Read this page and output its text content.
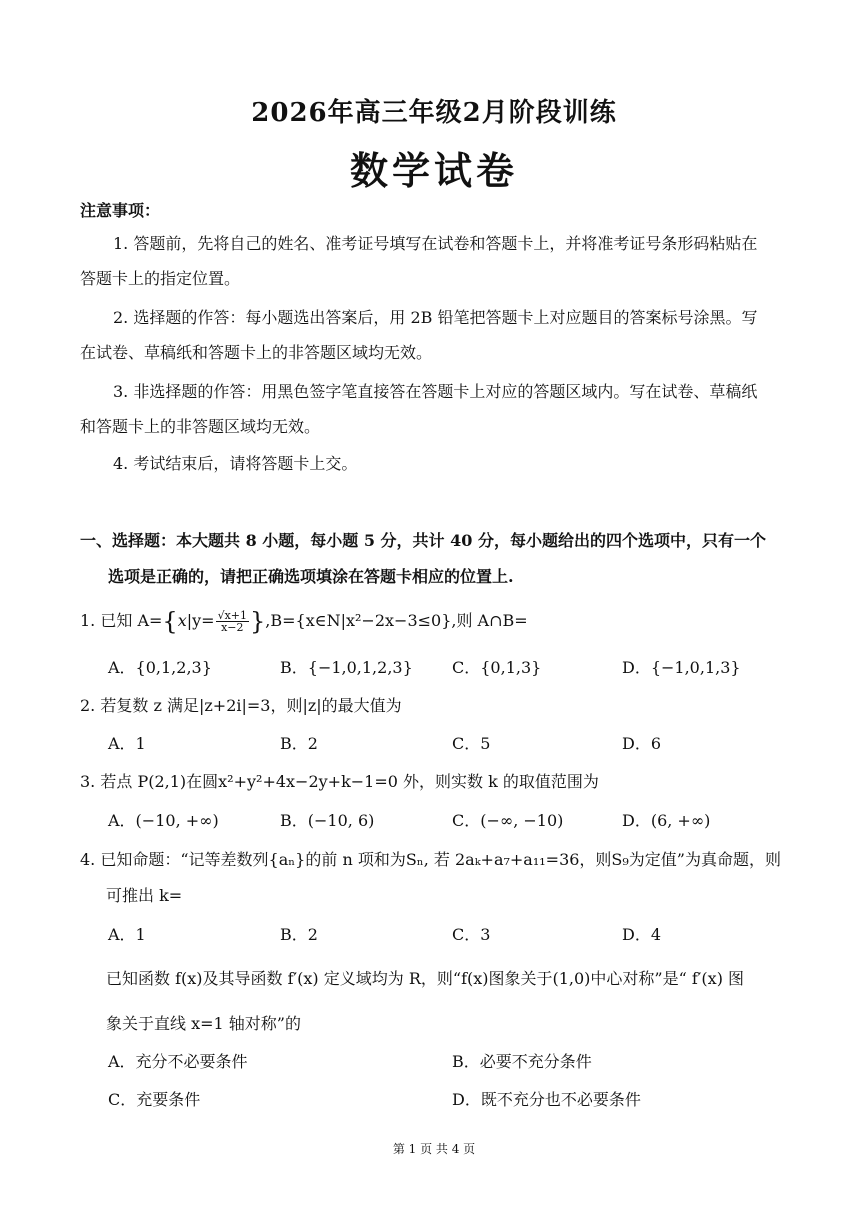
2026年高三年级2月阶段训练
数学试卷
注意事项：
1. 答题前，先将自己的姓名、准考证号填写在试卷和答题卡上，并将准考证号条形码粘贴在
答题卡上的指定位置。
2. 选择题的作答：每小题选出答案后，用 2B 铅笔把答题卡上对应题目的答案标号涂黑。写
在试卷、草稿纸和答题卡上的非答题区域均无效。
3. 非选择题的作答：用黑色签字笔直接答在答题卡上对应的答题区域内。写在试卷、草稿纸
和答题卡上的非答题区域均无效。
4. 考试结束后，请将答题卡上交。
一、选择题：本大题共 8 小题，每小题 5 分，共计 40 分，每小题给出的四个选项中，只有一个
选项是正确的，请把正确选项填涂在答题卡相应的位置上.
1. 已知 $A=\{x|y= \frac{√x+1}{x-2}$ },B={x∈N|x²−2x−3≤0},则 A∩B=
A．{0,1,2,3}	B．{−1,0,1,2,3} C．{0,1,3}	D．{−1,0,1,3}
2. 若复数 z 满足|z+2i|=3，则|z|的最大值为
A．1	B．2	C．5	D．6
3. 若点 P(2,1)在圆x²+y²+4x−2y+k−1=0 外，则实数 k 的取值范围为
A．(−10, +∞)	B．(−10, 6)	C．(−∞, −10)	D．(6, +∞)
4. 已知命题：“记等差数列{aₙ}的前 n 项和为Sₙ, 若 2aₖ+a₇+a₁₁=36，则S₉为定值”为真命题，则
可推出 k=
A．1	B．2	C．3	D．4
已知函数 f(x)及其导函数 f′(x) 定义域均为 R，则“f(x)图象关于(1,0)中心对称”是“ f′(x) 图
象关于直线 x=1 轴对称”的
A．充分不必要条件	B．必要不充分条件
C．充要条件	D．既不充分也不必要条件
第 1 页 共 4 页
